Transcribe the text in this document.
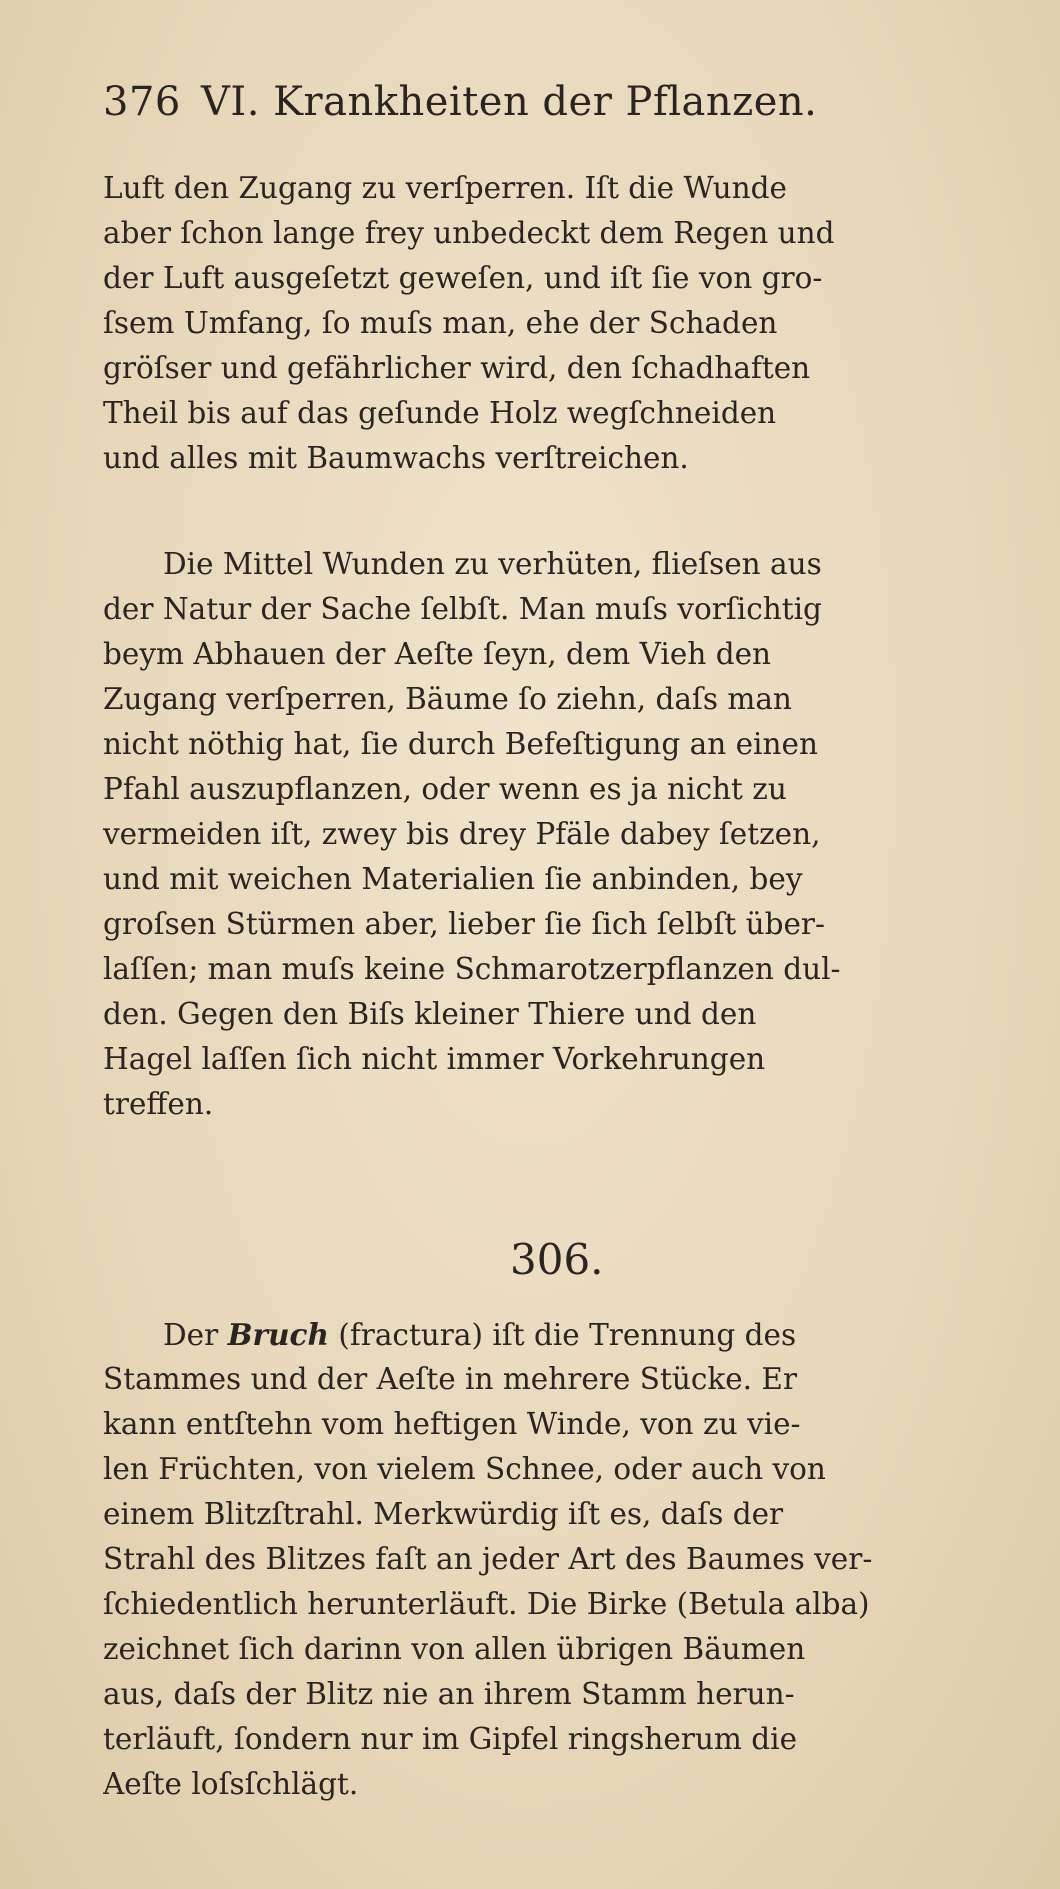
376 VI. Krankheiten der Pflanzen.
Luft den Zugang zu verſperren. Iſt die Wunde
aber ſchon lange frey unbedeckt dem Regen und
der Luft ausgeſetzt geweſen, und iſt ſie von gro-
ſsem Umfang, ſo muſs man, ehe der Schaden
gröſser und gefährlicher wird, den ſchadhaften
Theil bis auf das geſunde Holz wegſchneiden
und alles mit Baumwachs verſtreichen.
Die Mittel Wunden zu verhüten, flieſsen aus
der Natur der Sache ſelbſt. Man muſs vorſichtig
beym Abhauen der Aeſte ſeyn, dem Vieh den
Zugang verſperren, Bäume ſo ziehn, daſs man
nicht nöthig hat, ſie durch Befeſtigung an einen
Pfahl auszupflanzen, oder wenn es ja nicht zu
vermeiden iſt, zwey bis drey Pfäle dabey ſetzen,
und mit weichen Materialien ſie anbinden, bey
groſsen Stürmen aber, lieber ſie ſich ſelbſt über-
laſſen; man muſs keine Schmarotzerpflanzen dul-
den. Gegen den Biſs kleiner Thiere und den
Hagel laſſen ſich nicht immer Vorkehrungen
treffen.
306.
Der Bruch (fractura) iſt die Trennung des
Stammes und der Aeſte in mehrere Stücke. Er
kann entſtehn vom heftigen Winde, von zu vie-
len Früchten, von vielem Schnee, oder auch von
einem Blitzſtrahl. Merkwürdig iſt es, daſs der
Strahl des Blitzes faſt an jeder Art des Baumes ver-
ſchiedentlich herunterläuft. Die Birke (Betula alba)
zeichnet ſich darinn von allen übrigen Bäumen
aus, daſs der Blitz nie an ihrem Stamm herun-
terläuft, ſondern nur im Gipfel ringsherum die
Aeſte loſsſchlägt.
